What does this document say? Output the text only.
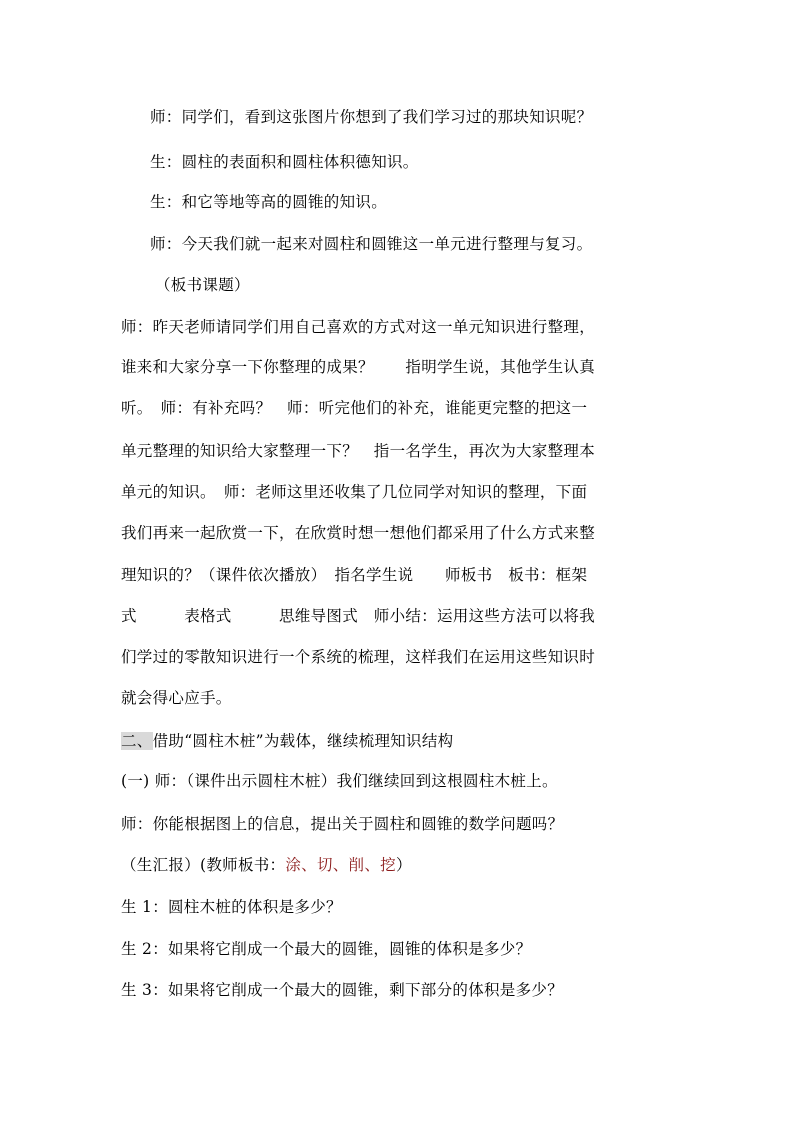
师：同学们，看到这张图片你想到了我们学习过的那块知识呢？
生：圆柱的表面积和圆柱体积德知识。
生：和它等地等高的圆锥的知识。
师：今天我们就一起来对圆柱和圆锥这一单元进行整理与复习。
（板书课题）
师：昨天老师请同学们用自己喜欢的方式对这一单元知识进行整理，
谁来和大家分享一下你整理的成果？　　指明学生说，其他学生认真
听。　师：有补充吗？　师：听完他们的补充，谁能更完整的把这一
单元整理的知识给大家整理一下？　指一名学生，再次为大家整理本
单元的知识。　师：老师这里还收集了几位同学对知识的整理，下面
我们再来一起欣赏一下，在欣赏时想一想他们都采用了什么方式来整
理知识的？（课件依次播放）　指名学生说　　师板书　板书：框架
式　　　表格式　　　思维导图式　师小结：运用这些方法可以将我
们学过的零散知识进行一个系统的梳理，这样我们在运用这些知识时
就会得心应手。
二、借助“圆柱木桩”为载体，继续梳理知识结构
(一) 师：（课件出示圆柱木桩）我们继续回到这根圆柱木桩上。
师：你能根据图上的信息，提出关于圆柱和圆锥的数学问题吗？
（生汇报）(教师板书：涂、切、削、挖）
生 1：圆柱木桩的体积是多少？
生 2：如果将它削成一个最大的圆锥，圆锥的体积是多少？
生 3：如果将它削成一个最大的圆锥，剩下部分的体积是多少？
